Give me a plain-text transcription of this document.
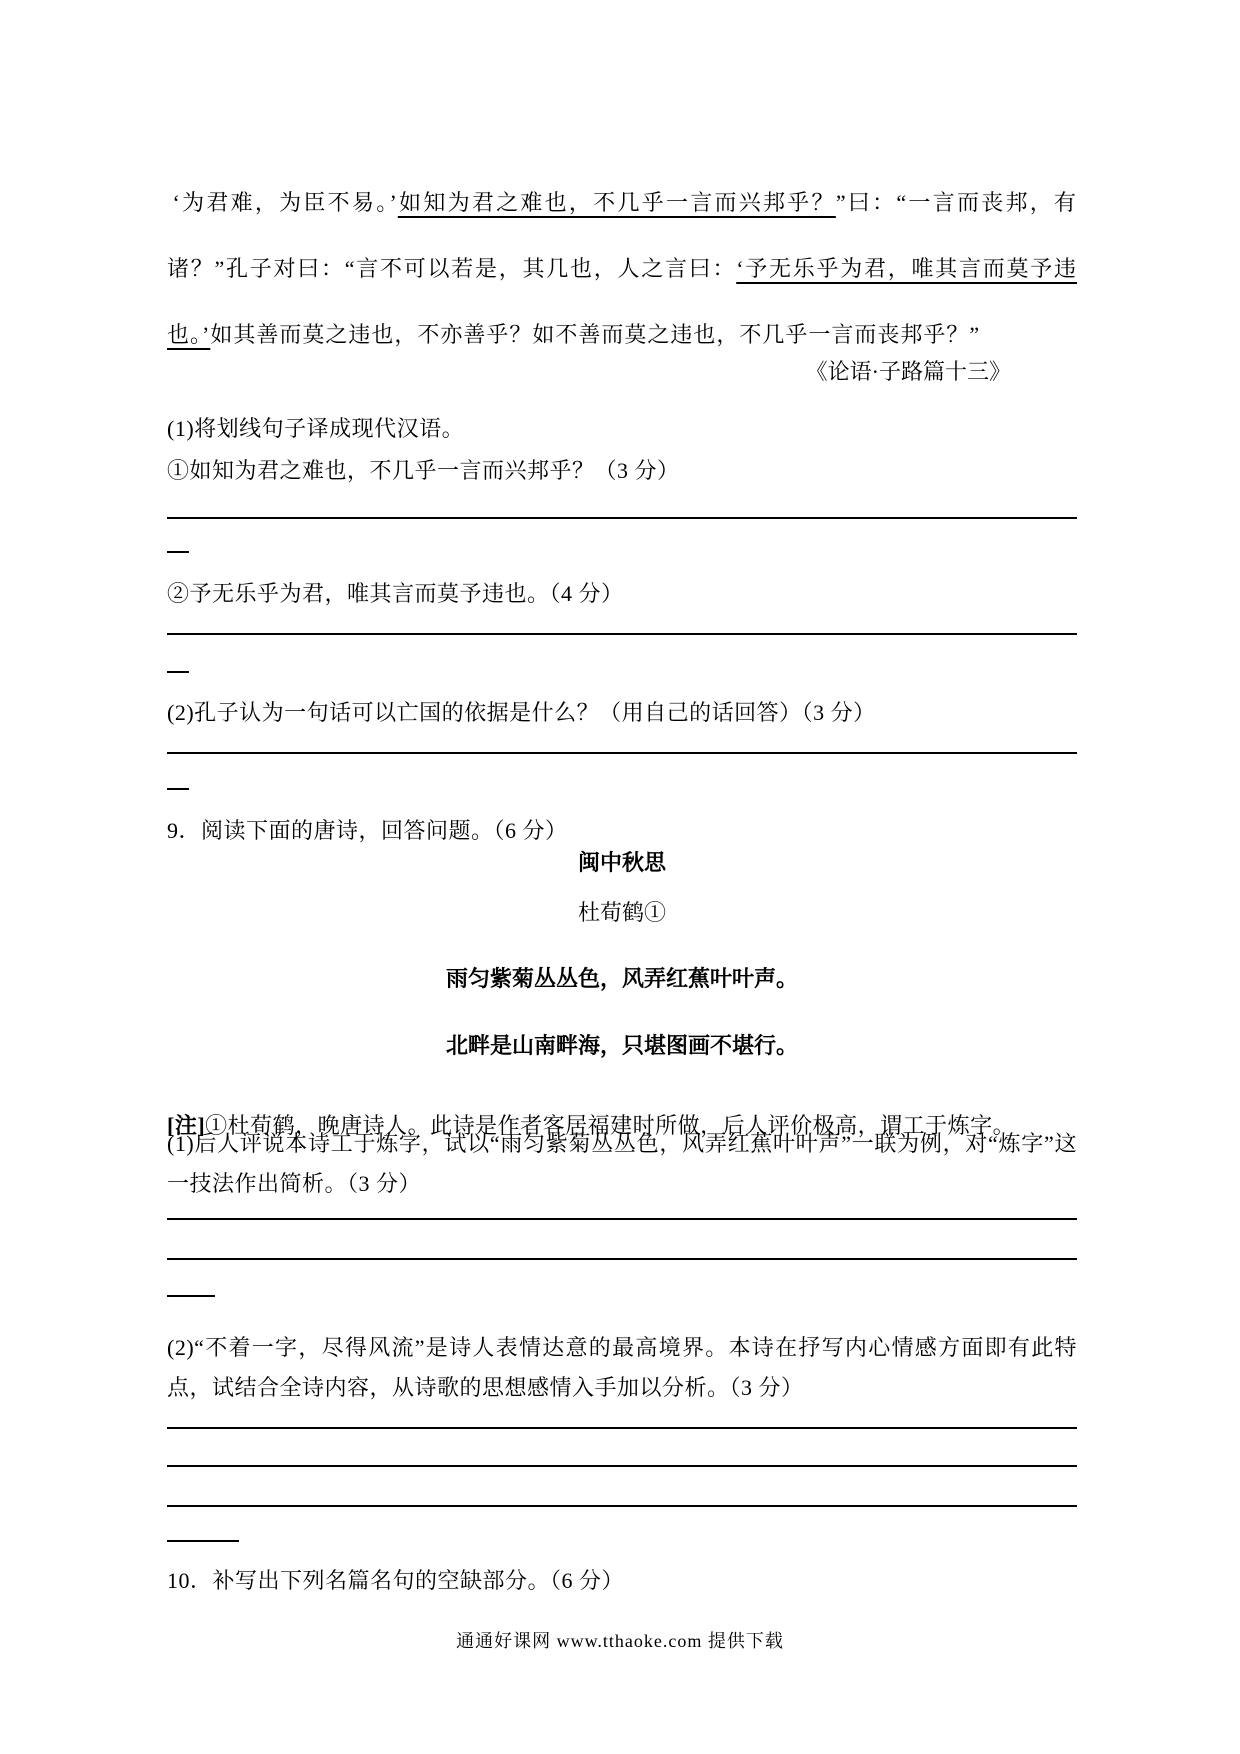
‘为君难，为臣不易。’如知为君之难也，不几乎一言而兴邦乎？”曰：“一言而丧邦，有诸？”孔子对曰：“言不可以若是，其几也，人之言曰：‘予无乐乎为君，唯其言而莫予违也。’如其善而莫之违也，不亦善乎？如不善而莫之违也，不几乎一言而丧邦乎？”

《论语·子路篇十三》
(1)将划线句子译成现代汉语。
①如知为君之难也，不几乎一言而兴邦乎？（3 分）
②予无乐乎为君，唯其言而莫予违也。（4 分）
(2)孔子认为一句话可以亡国的依据是什么？（用自己的话回答）（3 分）
9．阅读下面的唐诗，回答问题。（6 分）
闽中秋思
杜荀鹤①
雨匀紫菊丛丛色，风弄红蕉叶叶声。
北畔是山南畔海，只堪图画不堪行。

[注]①杜荀鹤，晚唐诗人。此诗是作者客居福建时所做，后人评价极高，谓工于炼字。

(1)后人评说本诗工于炼字，试以“雨匀紫菊丛丛色，风弄红蕉叶叶声”一联为例，对“炼字”这一技法作出简析。（3 分）
(2)“不着一字，尽得风流”是诗人表情达意的最高境界。本诗在抒写内心情感方面即有此特点，试结合全诗内容，从诗歌的思想感情入手加以分析。（3 分）
10．补写出下列名篇名句的空缺部分。（6 分）
通通好课网 www.tthaoke.com 提供下载
